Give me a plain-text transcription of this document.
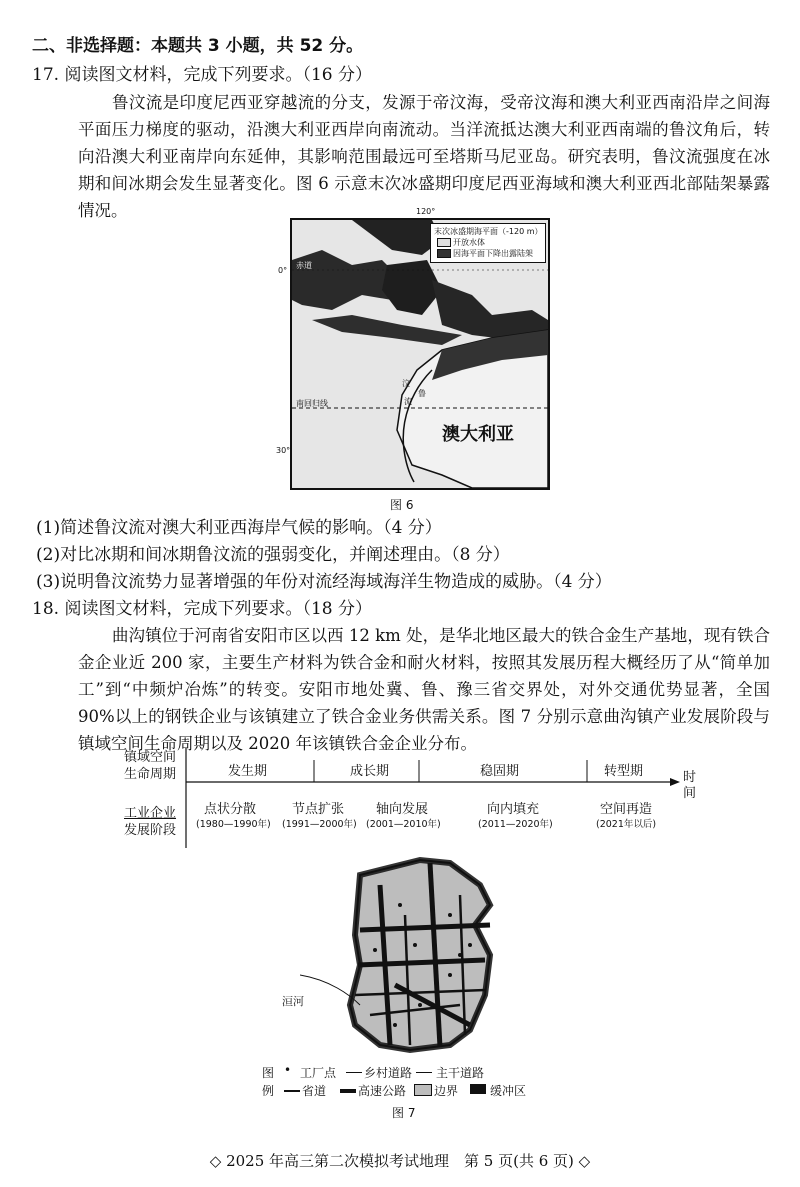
二、非选择题：本题共 3 小题，共 52 分。
17. 阅读图文材料，完成下列要求。（16 分）
鲁汶流是印度尼西亚穿越流的分支，发源于帝汶海，受帝汶海和澳大利亚西南沿岸之间海平面压力梯度的驱动，沿澳大利亚西岸向南流动。当洋流抵达澳大利亚西南端的鲁汶角后，转向沿澳大利亚南岸向东延伸，其影响范围最远可至塔斯马尼亚岛。研究表明，鲁汶流强度在冰期和间冰期会发生显著变化。图 6 示意末次冰盛期印度尼西亚海域和澳大利亚西北部陆架暴露情况。
末次冰盛期海平面（-120 m）
开放水体
因海平面下降出露陆架
赤道
南回归线
鲁
汶
流
澳大利亚
120°
0°
30°
图 6
(1)简述鲁汶流对澳大利亚西海岸气候的影响。（4 分）
(2)对比冰期和间冰期鲁汶流的强弱变化，并阐述理由。（8 分）
(3)说明鲁汶流势力显著增强的年份对流经海域海洋生物造成的威胁。（4 分）
18. 阅读图文材料，完成下列要求。（18 分）
曲沟镇位于河南省安阳市区以西 12 km 处，是华北地区最大的铁合金生产基地，现有铁合金企业近 200 家，主要生产材料为铁合金和耐火材料，按照其发展历程大概经历了从“简单加工”到“中频炉冶炼”的转变。安阳市地处冀、鲁、豫三省交界处，对外交通优势显著，全国 90%以上的钢铁企业与该镇建立了铁合金业务供需关系。图 7 分别示意曲沟镇产业发展阶段与镇域空间生命周期以及 2020 年该镇铁合金企业分布。
镇域空间
生命周期
工业企业
发展阶段
发生期	成长期	稳固期	转型期	时
间
点状分散
(1980—1990年)
节点扩张
(1991—2000年)
轴向发展
(2001—2010年)
向内填充
(2011—2020年)
空间再造
(2021年以后)
洹河
图
例
• 工厂点 乡村道路 主干道路
省道	高速公路 边界	缓冲区
图 7
◇ 2025 年高三第二次模拟考试地理　第 5 页(共 6 页) ◇
